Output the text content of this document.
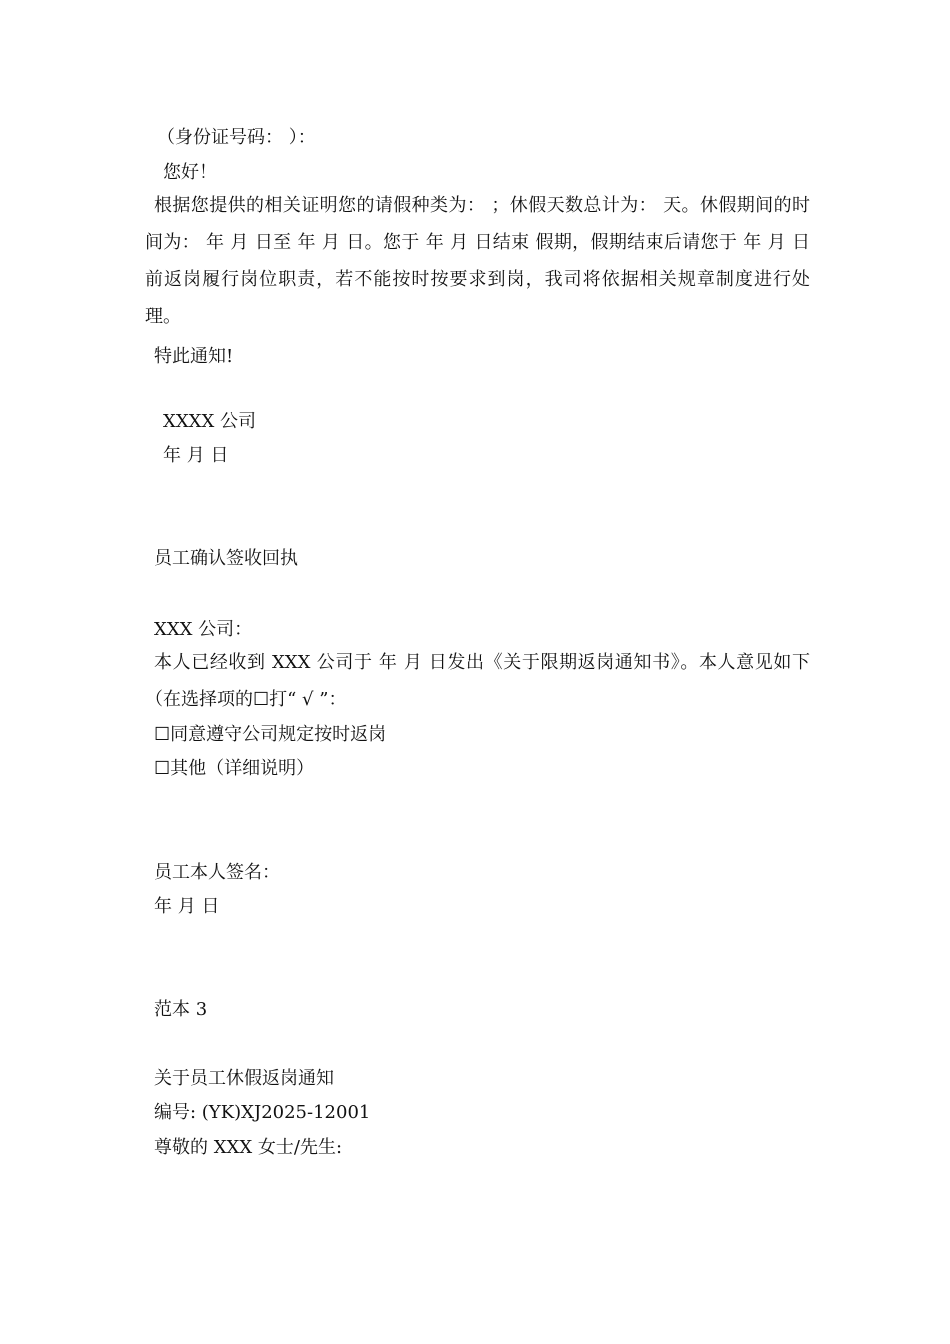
（身份证号码： ）：
您好！
根据您提供的相关证明您的请假种类为： ；休假天数总计为： 天。休假期间的时间为： 年 月 日至 年 月 日。您于 年 月 日结束 假期，假期结束后请您于 年 月 日前返岗履行岗位职责，若不能按时按要求到岗，我司将依据相关规章制度进行处理。
特此通知!
XXXX 公司
年 月 日
员工确认签收回执
XXX 公司：
本人已经收到 XXX 公司于 年 月 日发出《关于限期返岗通知书》。本人意见如下（在选择项的☐打“ √ ”：
☐同意遵守公司规定按时返岗
☐其他（详细说明）
员工本人签名：
年 月 日
范本 3
关于员工休假返岗通知
编号: (YK)XJ2025-12001
尊敬的 XXX 女士/先生:
